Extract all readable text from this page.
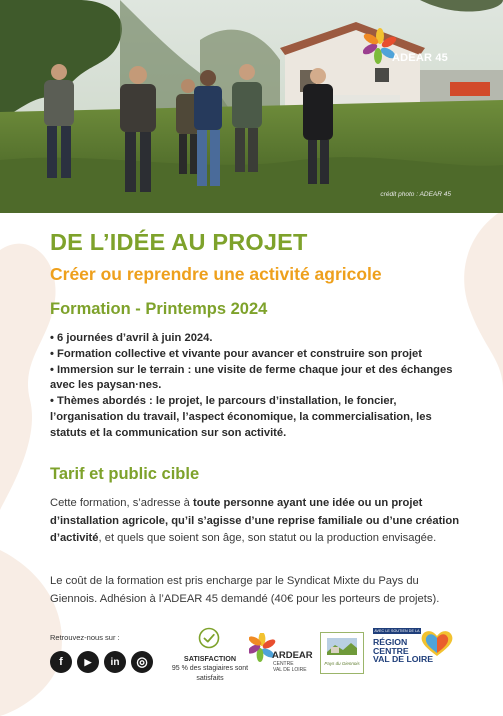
ADEAR 45
crédit photo : ADEAR 45
DE L’IDÉE AU PROJET
Créer ou reprendre une activité agricole
Formation - Printemps 2024
• 6 journées d’avril à juin 2024.
• Formation collective et vivante pour avancer et construire son projet
• Immersion sur le terrain : une visite de ferme chaque jour et des échanges avec les paysan·nes.
• Thèmes abordés : le projet, le parcours d’installation, le foncier, l’organisation du travail, l’aspect économique, la commercialisation, les statuts et la communication sur son activité.
Tarif et public cible

Cette formation, s’adresse à toute personne ayant une idée ou un projet d’installation agricole, qu’il s’agisse d’une reprise familiale ou d’une création d’activité, et quels que soient son âge, son statut ou la production envisagée.

Le coût de la formation est pris encharge par le Syndicat Mixte du Pays du Giennois. Adhésion à l’ADEAR 45 demandé (40€ pour les porteurs de projets).

Retrouvez-nous sur :
f	▶	in	◎	SATISFACTION
95 % des stagiaires sont satisfaits
ARDEAR
CENTRE
VAL DE LOIRE
Pays du Giennois
AVEC LE SOUTIEN DE LA
RÉGION
CENTRE
VAL DE LOIRE
